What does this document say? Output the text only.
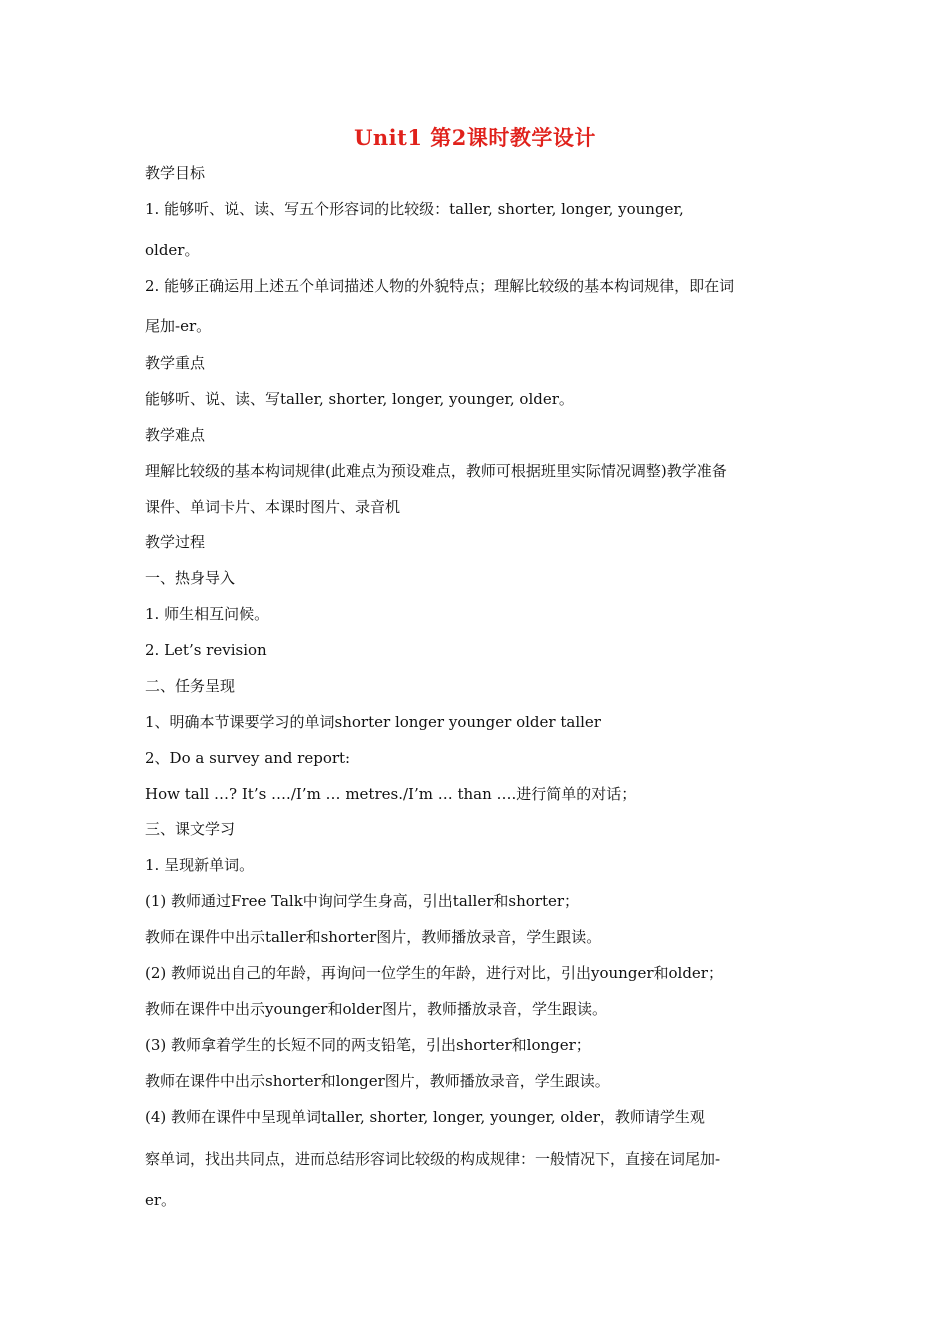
Unit1 第2课时教学设计
教学目标
1. 能够听、说、读、写五个形容词的比较级：taller, shorter, longer, younger,
older。
2. 能够正确运用上述五个单词描述人物的外貌特点；理解比较级的基本构词规律，即在词
尾加-er。
教学重点
能够听、说、读、写taller, shorter, longer, younger, older。
教学难点
理解比较级的基本构词规律(此难点为预设难点，教师可根据班里实际情况调整)教学准备
课件、单词卡片、本课时图片、录音机
教学过程
一、热身导入
1. 师生相互问候。
2. Let’s revision
二、任务呈现
1、明确本节课要学习的单词shorter longer younger older taller
2、Do a survey and report:
How tall …? It’s ….∕I’m … metres.∕I’m … than ….进行简单的对话；
三、课文学习
1. 呈现新单词。
(1) 教师通过Free Talk中询问学生身高，引出taller和shorter；
教师在课件中出示taller和shorter图片，教师播放录音，学生跟读。
(2) 教师说出自己的年龄，再询问一位学生的年龄，进行对比，引出younger和older；
教师在课件中出示younger和older图片，教师播放录音，学生跟读。
(3) 教师拿着学生的长短不同的两支铅笔，引出shorter和longer；
教师在课件中出示shorter和longer图片，教师播放录音，学生跟读。
(4) 教师在课件中呈现单词taller, shorter, longer, younger, older，教师请学生观
察单词，找出共同点，进而总结形容词比较级的构成规律：一般情况下，直接在词尾加-
er。
